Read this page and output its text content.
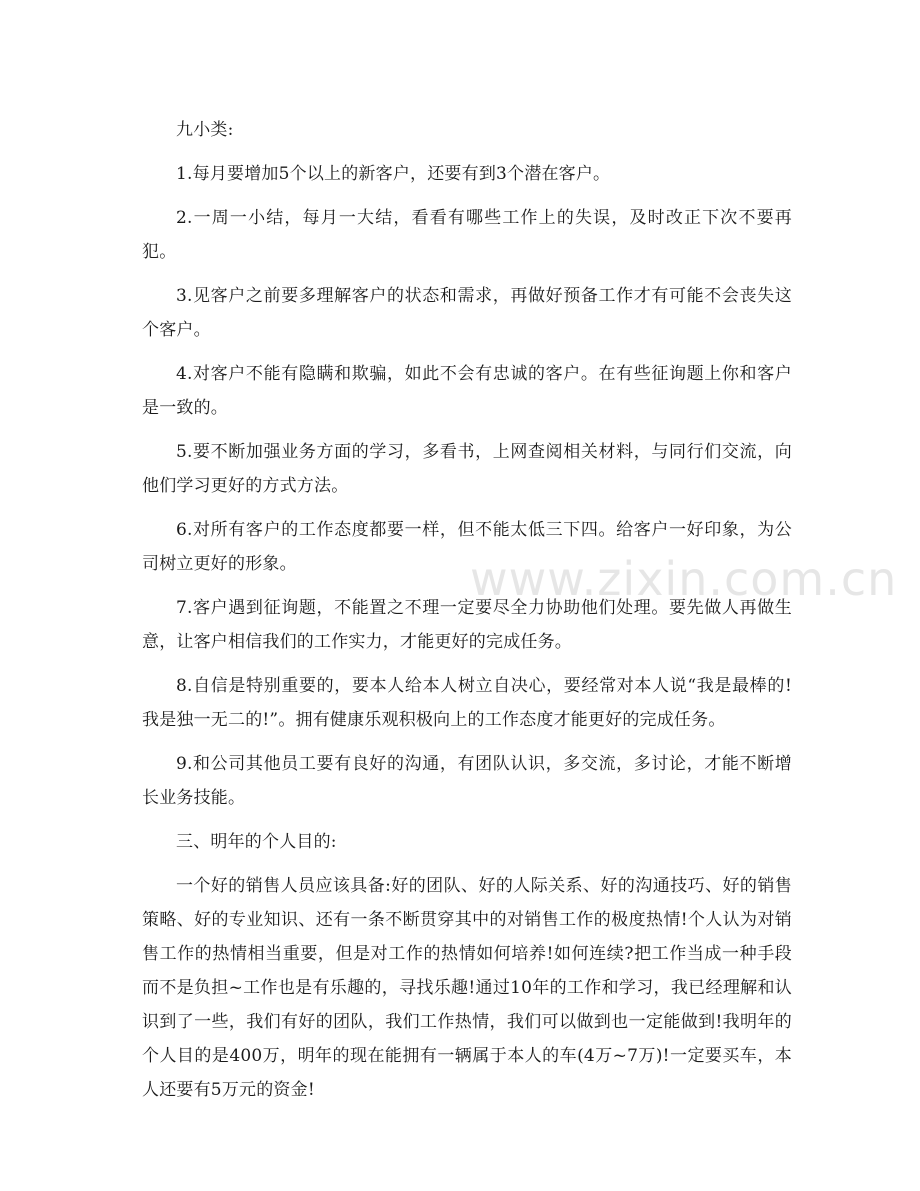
www.zixin.com.cn

九小类:

1.每月要增加5个以上的新客户，还要有到3个潜在客户。

2.一周一小结，每月一大结，看看有哪些工作上的失误，及时改正下次不要再犯。

3.见客户之前要多理解客户的状态和需求，再做好预备工作才有可能不会丧失这个客户。

4.对客户不能有隐瞒和欺骗，如此不会有忠诚的客户。在有些征询题上你和客户是一致的。

5.要不断加强业务方面的学习，多看书，上网查阅相关材料，与同行们交流，向他们学习更好的方式方法。

6.对所有客户的工作态度都要一样，但不能太低三下四。给客户一好印象，为公司树立更好的形象。

7.客户遇到征询题，不能置之不理一定要尽全力协助他们处理。要先做人再做生意，让客户相信我们的工作实力，才能更好的完成任务。

8.自信是特别重要的，要本人给本人树立自决心，要经常对本人说“我是最棒的!我是独一无二的!”。拥有健康乐观积极向上的工作态度才能更好的完成任务。

9.和公司其他员工要有良好的沟通，有团队认识，多交流，多讨论，才能不断增长业务技能。

三、明年的个人目的:

一个好的销售人员应该具备:好的团队、好的人际关系、好的沟通技巧、好的销售策略、好的专业知识、还有一条不断贯穿其中的对销售工作的极度热情!个人认为对销售工作的热情相当重要，但是对工作的热情如何培养!如何连续?把工作当成一种手段而不是负担~工作也是有乐趣的，寻找乐趣!通过10年的工作和学习，我已经理解和认识到了一些，我们有好的团队，我们工作热情，我们可以做到也一定能做到!我明年的个人目的是400万，明年的现在能拥有一辆属于本人的车(4万~7万)!一定要买车，本人还要有5万元的资金!
